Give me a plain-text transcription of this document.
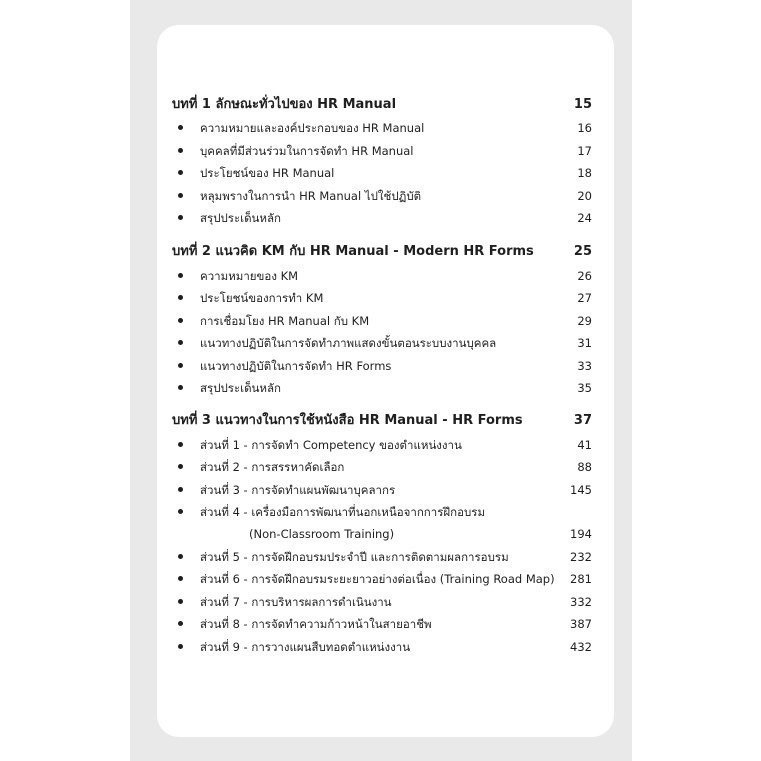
บทที่ 1 ลักษณะทั่วไปของ HR Manual	15
ความหมายและองค์ประกอบของ HR Manual	16
บุคคลที่มีส่วนร่วมในการจัดทำ HR Manual	17
ประโยชน์ของ HR Manual	18
หลุมพรางในการนำ HR Manual ไปใช้ปฏิบัติ	20
สรุปประเด็นหลัก	24
บทที่ 2 แนวคิด KM กับ HR Manual - Modern HR Forms	25
ความหมายของ KM	26
ประโยชน์ของการทำ KM	27
การเชื่อมโยง HR Manual กับ KM	29
แนวทางปฏิบัติในการจัดทำภาพแสดงขั้นตอนระบบงานบุคคล	31
แนวทางปฏิบัติในการจัดทำ HR Forms	33
สรุปประเด็นหลัก	35
บทที่ 3 แนวทางในการใช้หนังสือ HR Manual - HR Forms	37
ส่วนที่ 1 - การจัดทำ Competency ของตำแหน่งงาน	41
ส่วนที่ 2 - การสรรหาคัดเลือก	88
ส่วนที่ 3 - การจัดทำแผนพัฒนาบุคลากร	145
ส่วนที่ 4 - เครื่องมือการพัฒนาที่นอกเหนือจากการฝึกอบรม
(Non-Classroom Training)	194
ส่วนที่ 5 - การจัดฝึกอบรมประจำปี และการติดตามผลการอบรม	232
ส่วนที่ 6 - การจัดฝึกอบรมระยะยาวอย่างต่อเนื่อง (Training Road Map) 281
ส่วนที่ 7 - การบริหารผลการดำเนินงาน	332
ส่วนที่ 8 - การจัดทำความก้าวหน้าในสายอาชีพ	387
ส่วนที่ 9 - การวางแผนสืบทอดตำแหน่งงาน	432
